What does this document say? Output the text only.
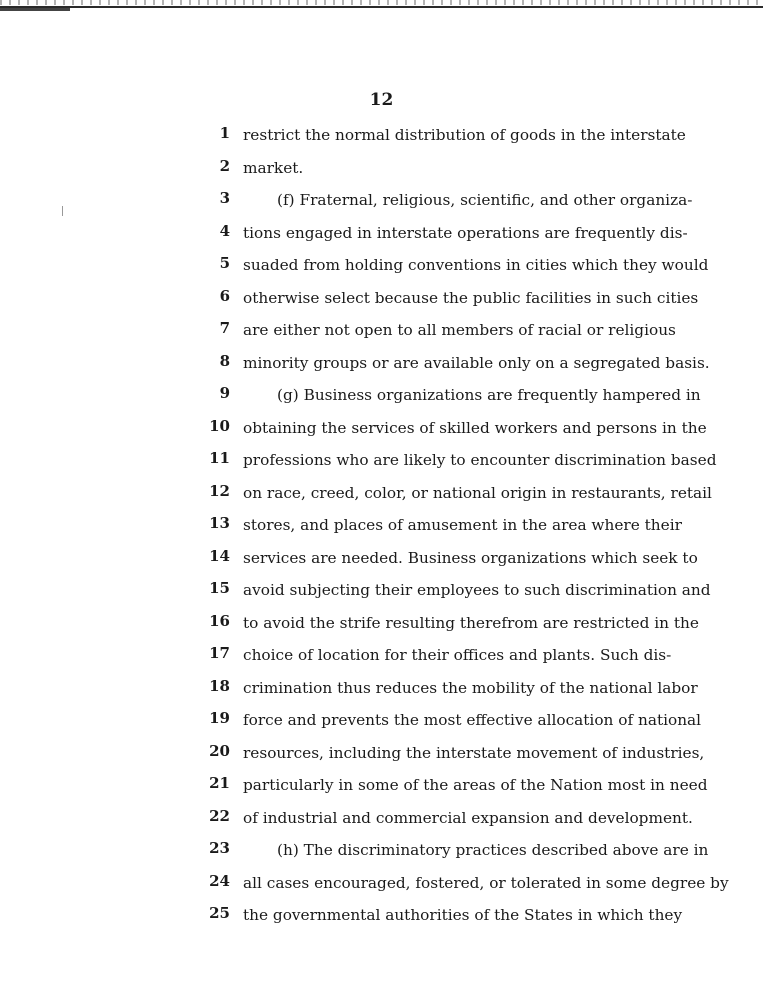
12
1 restrict the normal distribution of goods in the interstate
2 market.
3	(f) Fraternal, religious, scientific, and other organiza-
4 tions engaged in interstate operations are frequently dis-
5 suaded from holding conventions in cities which they would
6 otherwise select because the public facilities in such cities
7 are either not open to all members of racial or religious
8 minority groups or are available only on a segregated basis.
9	(g) Business organizations are frequently hampered in
10 obtaining the services of skilled workers and persons in the
11 professions who are likely to encounter discrimination based
12 on race, creed, color, or national origin in restaurants, retail
13 stores, and places of amusement in the area where their
14 services are needed. Business organizations which seek to
15 avoid subjecting their employees to such discrimination and
16 to avoid the strife resulting therefrom are restricted in the
17 choice of location for their offices and plants. Such dis-
18 crimination thus reduces the mobility of the national labor
19 force and prevents the most effective allocation of national
20 resources, including the interstate movement of industries,
21 particularly in some of the areas of the Nation most in need
22 of industrial and commercial expansion and development.
23	(h) The discriminatory practices described above are in
24 all cases encouraged, fostered, or tolerated in some degree by
25 the governmental authorities of the States in which they
